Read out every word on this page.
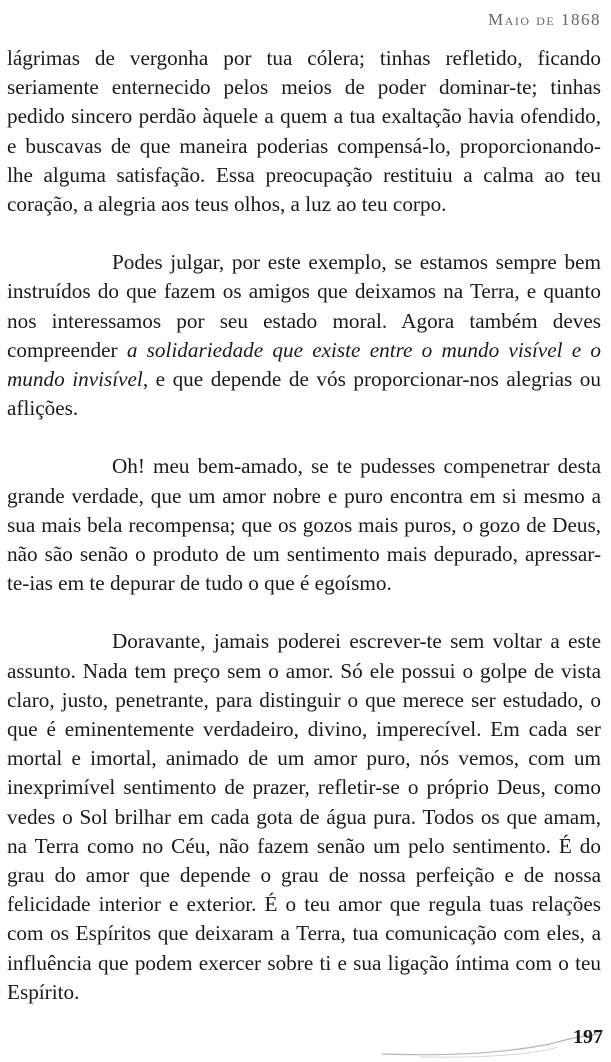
Maio de 1868

lágrimas de vergonha por tua cólera; tinhas refletido, ficando seriamente enternecido pelos meios de poder dominar-te; tinhas pedido sincero perdão àquele a quem a tua exaltação havia ofendido, e buscavas de que maneira poderias compensá-lo, proporcionando-lhe alguma satisfação. Essa preocupação restituiu a calma ao teu coração, a alegria aos teus olhos, a luz ao teu corpo.

Podes julgar, por este exemplo, se estamos sempre bem instruídos do que fazem os amigos que deixamos na Terra, e quanto nos interessamos por seu estado moral. Agora também deves compreender a solidariedade que existe entre o mundo visível e o mundo invisível, e que depende de vós proporcionar-nos alegrias ou aflições.

Oh! meu bem-amado, se te pudesses compenetrar desta grande verdade, que um amor nobre e puro encontra em si mesmo a sua mais bela recompensa; que os gozos mais puros, o gozo de Deus, não são senão o produto de um sentimento mais depurado, apressar-te-ias em te depurar de tudo o que é egoísmo.

Doravante, jamais poderei escrever-te sem voltar a este assunto. Nada tem preço sem o amor. Só ele possui o golpe de vista claro, justo, penetrante, para distinguir o que merece ser estudado, o que é eminentemente verdadeiro, divino, imperecível. Em cada ser mortal e imortal, animado de um amor puro, nós vemos, com um inexprimível sentimento de prazer, refletir-se o próprio Deus, como vedes o Sol brilhar em cada gota de água pura. Todos os que amam, na Terra como no Céu, não fazem senão um pelo sentimento. É do grau do amor que depende o grau de nossa perfeição e de nossa felicidade interior e exterior. É o teu amor que regula tuas relações com os Espíritos que deixaram a Terra, tua comunicação com eles, a influência que podem exercer sobre ti e sua ligação íntima com o teu Espírito.

197
